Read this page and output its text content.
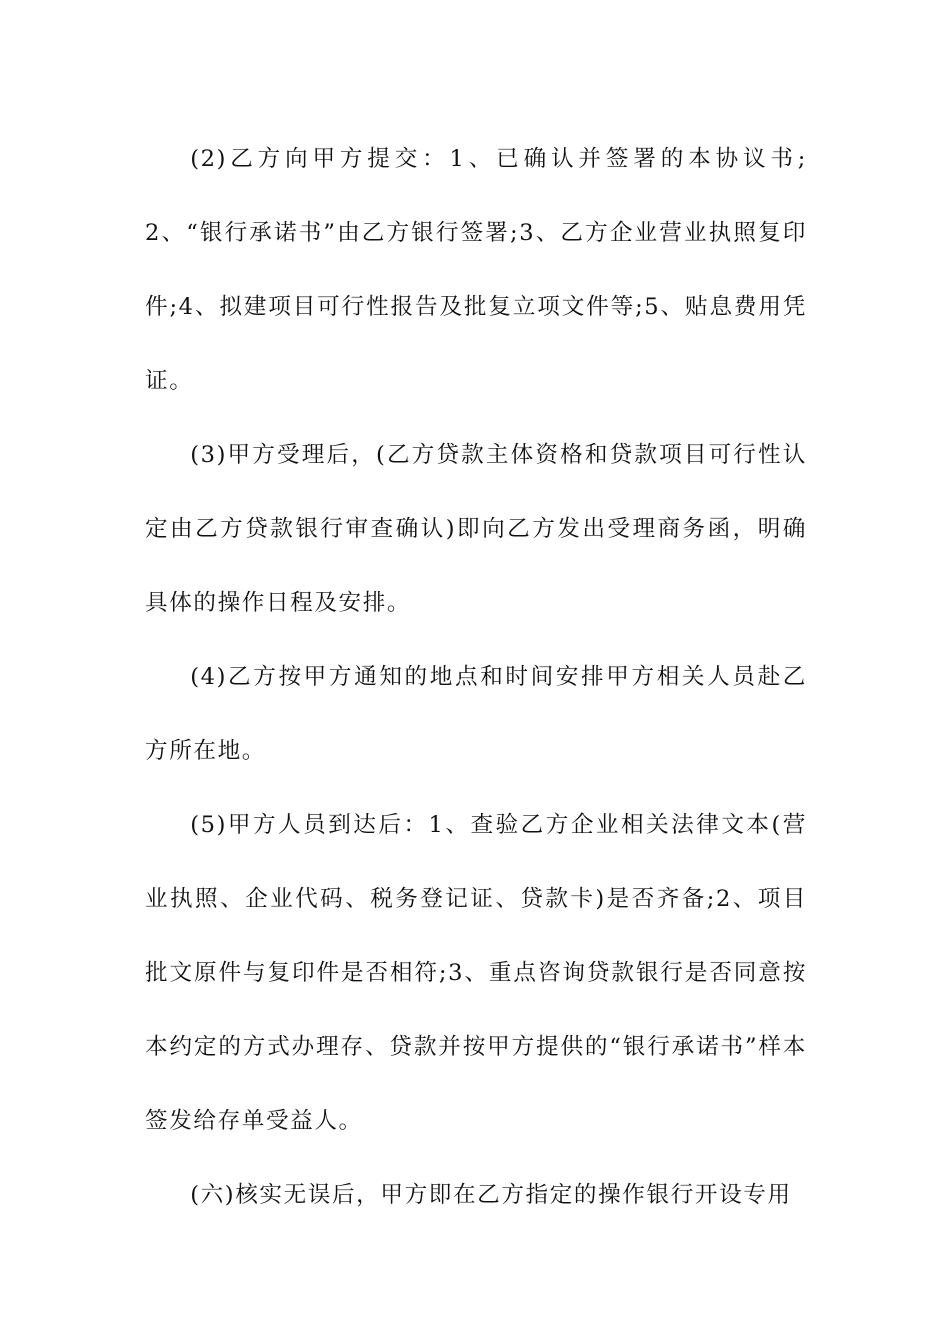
(2)乙方向甲方提交：1、已确认并签署的本协议书;2、“银行承诺书”由乙方银行签署;3、乙方企业营业执照复印件;4、拟建项目可行性报告及批复立项文件等;5、贴息费用凭证。

(3)甲方受理后，(乙方贷款主体资格和贷款项目可行性认定由乙方贷款银行审查确认)即向乙方发出受理商务函，明确具体的操作日程及安排。

(4)乙方按甲方通知的地点和时间安排甲方相关人员赴乙方所在地。

(5)甲方人员到达后：1、查验乙方企业相关法律文本(营业执照、企业代码、税务登记证、贷款卡)是否齐备;2、项目批文原件与复印件是否相符;3、重点咨询贷款银行是否同意按本约定的方式办理存、贷款并按甲方提供的“银行承诺书”样本签发给存单受益人。

(六)核实无误后，甲方即在乙方指定的操作银行开设专用
